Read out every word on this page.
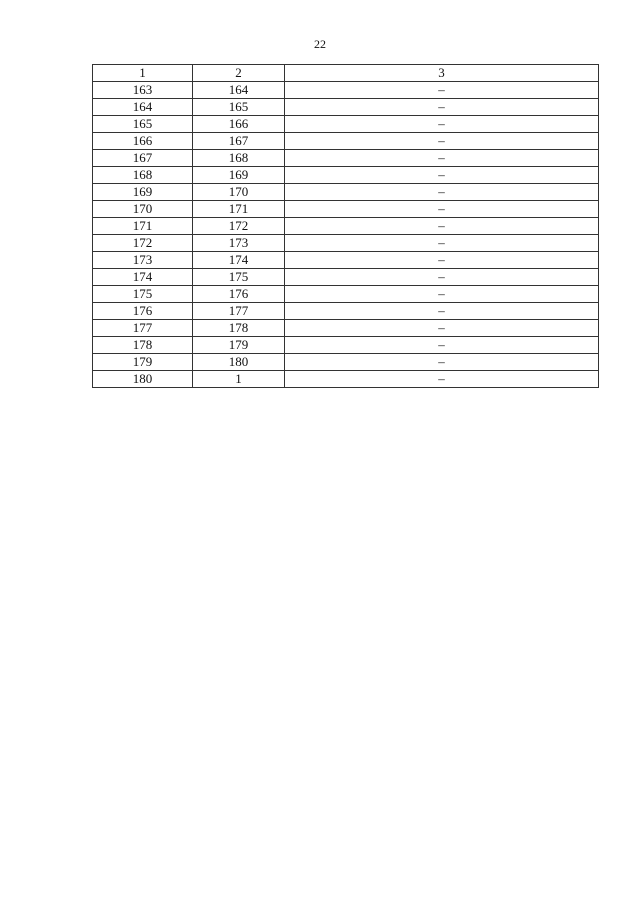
22
1	2	3
163	164	–
164	165	–
165	166	–
166	167	–
167	168	–
168	169	–
169	170	–
170	171	–
171	172	–
172	173	–
173	174	–
174	175	–
175	176	–
176	177	–
177	178	–
178	179	–
179	180	–
180	1	–
